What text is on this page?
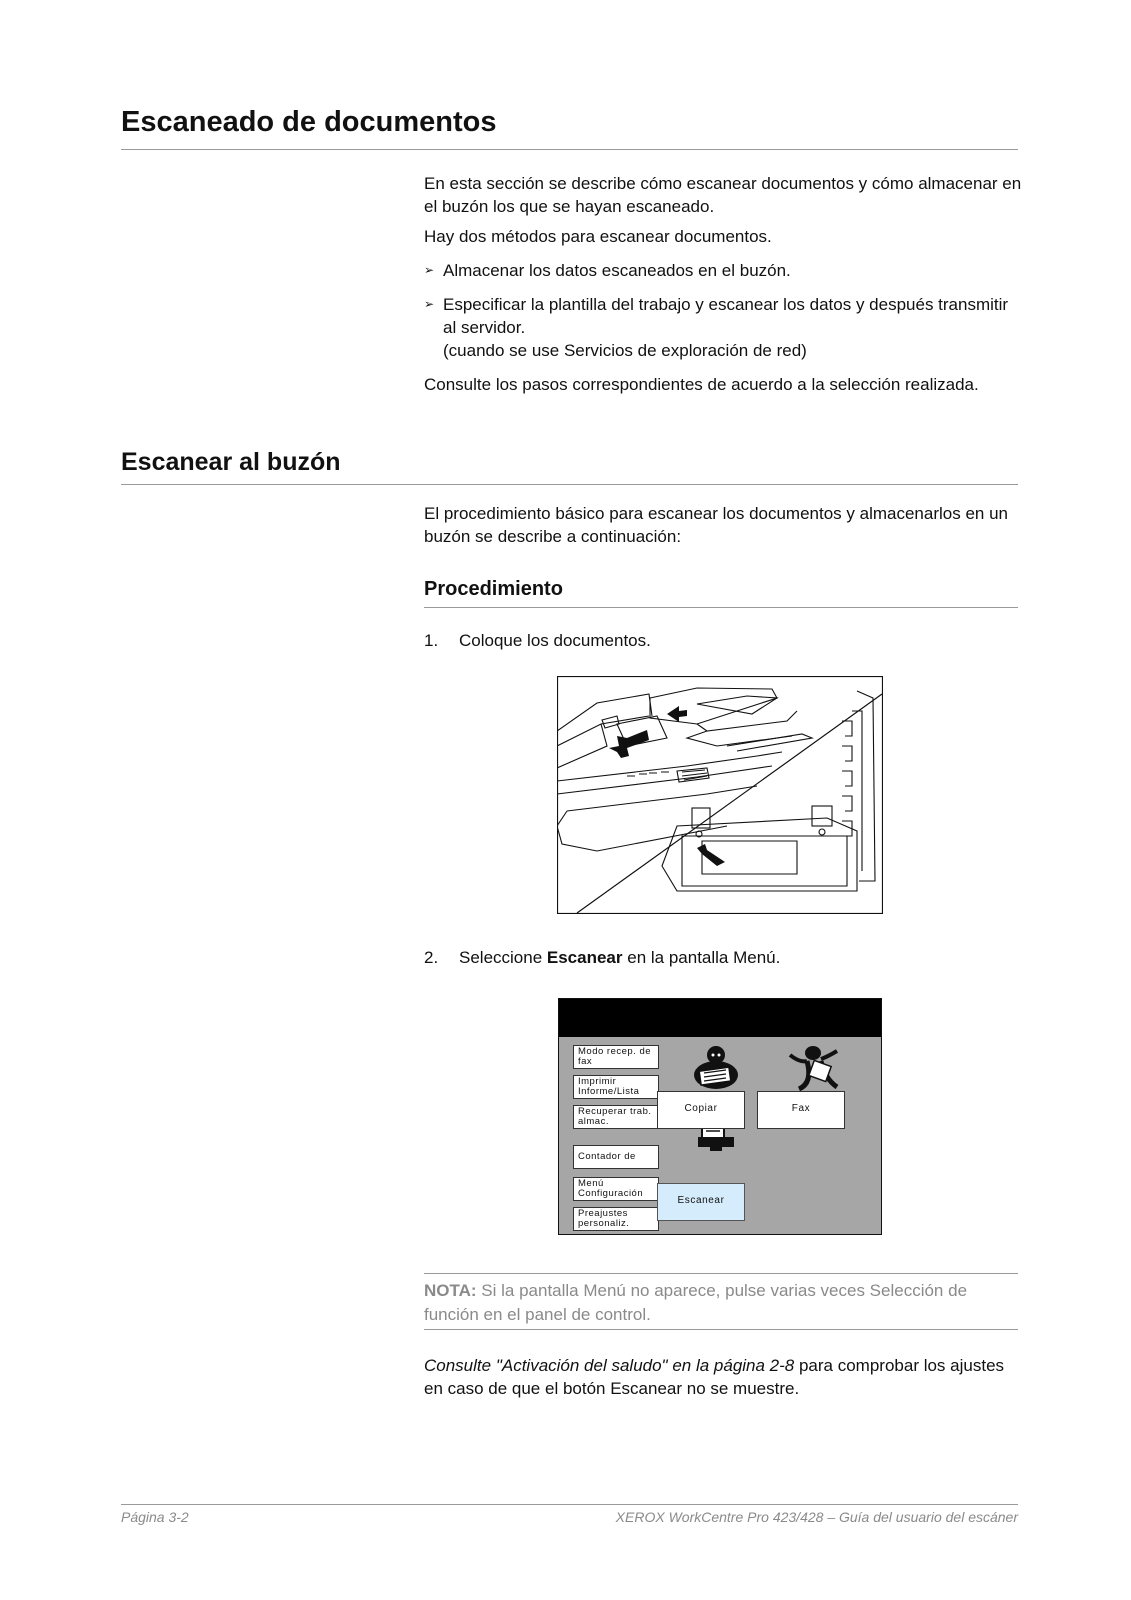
Escaneado de documentos

En esta sección se describe cómo escanear documentos y cómo almacenar en el buzón los que se hayan escaneado.

Hay dos métodos para escanear documentos.

➢ Almacenar los datos escaneados en el buzón.
➢ Especificar la plantilla del trabajo y escanear los datos y después transmitir al servidor.
(cuando se use Servicios de exploración de red)

Consulte los pasos correspondientes de acuerdo a la selección realizada.

Escanear al buzón

El procedimiento básico para escanear los documentos y almacenarlos en un buzón se describe a continuación:

Procedimiento
1.	Coloque los documentos.
2.	Seleccione Escanear en la pantalla Menú.
Modo recep. de fax
Imprimir Informe/Lista
Recuperar trab. almac.
Contador de
Menú Configuración
Preajustes personaliz.
Copiar	Fax
Escanear
NOTA: Si la pantalla Menú no aparece, pulse varias veces Selección de función en el panel de control.

Consulte "Activación del saludo" en la página 2-8 para comprobar los ajustes en caso de que el botón Escanear no se muestre.

Página 3-2	XEROX WorkCentre Pro 423/428 – Guía del usuario del escáner
